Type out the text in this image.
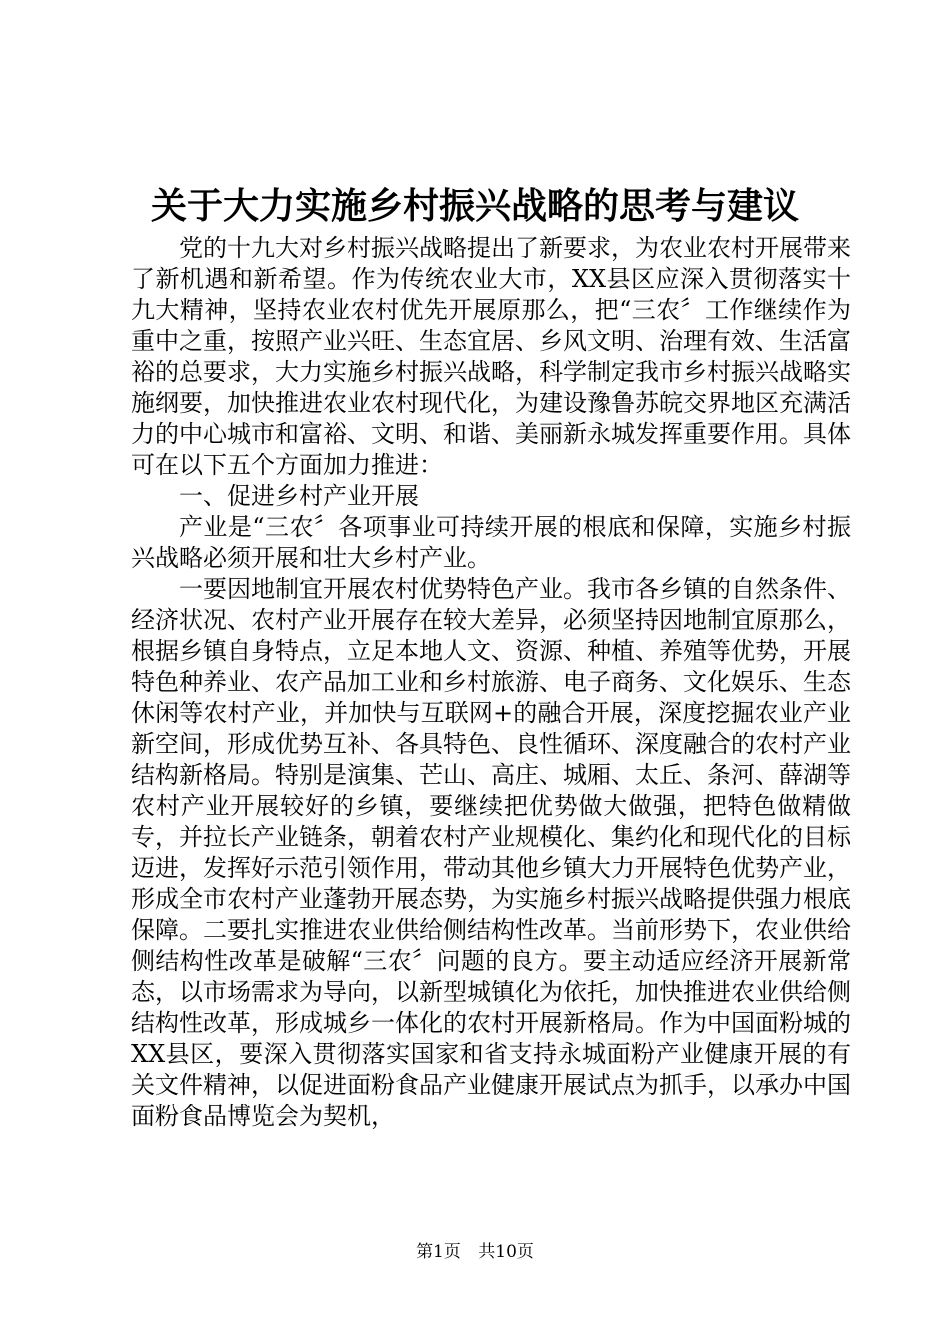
关于大力实施乡村振兴战略的思考与建议

党的十九大对乡村振兴战略提出了新要求，为农业农村开展带来了新机遇和新希望。作为传统农业大市，XX县区应深入贯彻落实十九大精神，坚持农业农村优先开展原那么，把“三农〞工作继续作为重中之重，按照产业兴旺、生态宜居、乡风文明、治理有效、生活富裕的总要求，大力实施乡村振兴战略，科学制定我市乡村振兴战略实施纲要，加快推进农业农村现代化，为建设豫鲁苏皖交界地区充满活力的中心城市和富裕、文明、和谐、美丽新永城发挥重要作用。具体可在以下五个方面加力推进：

一、促进乡村产业开展

产业是“三农〞各项事业可持续开展的根底和保障，实施乡村振兴战略必须开展和壮大乡村产业。

一要因地制宜开展农村优势特色产业。我市各乡镇的自然条件、经济状况、农村产业开展存在较大差异，必须坚持因地制宜原那么，根据乡镇自身特点，立足本地人文、资源、种植、养殖等优势，开展特色种养业、农产品加工业和乡村旅游、电子商务、文化娱乐、生态休闲等农村产业，并加快与互联网+的融合开展，深度挖掘农业产业新空间，形成优势互补、各具特色、良性循环、深度融合的农村产业结构新格局。特别是演集、芒山、高庄、城厢、太丘、条河、薛湖等农村产业开展较好的乡镇，要继续把优势做大做强，把特色做精做专，并拉长产业链条，朝着农村产业规模化、集约化和现代化的目标迈进，发挥好示范引领作用，带动其他乡镇大力开展特色优势产业，形成全市农村产业蓬勃开展态势，为实施乡村振兴战略提供强力根底保障。二要扎实推进农业供给侧结构性改革。当前形势下，农业供给侧结构性改革是破解“三农〞问题的良方。要主动适应经济开展新常态，以市场需求为导向，以新型城镇化为依托，加快推进农业供给侧结构性改革，形成城乡一体化的农村开展新格局。作为中国面粉城的XX县区，要深入贯彻落实国家和省支持永城面粉产业健康开展的有关文件精神，以促进面粉食品产业健康开展试点为抓手，以承办中国面粉食品博览会为契机，

第1页 共10页
